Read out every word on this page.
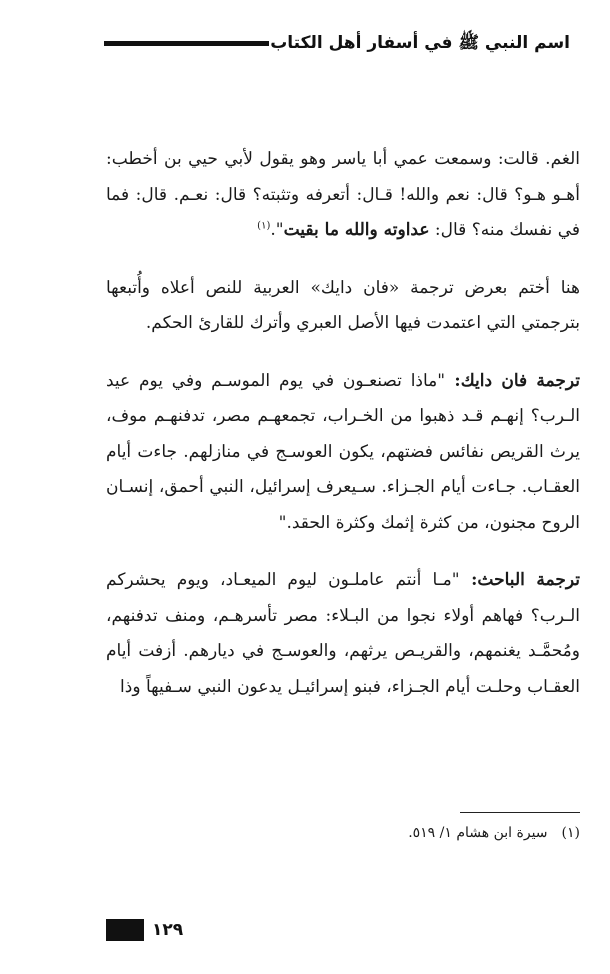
اسم النبي ﷺ في أسفار أهل الكتاب

الغم. قالت: وسمعت عمي أبا ياسر وهو يقول لأبي حيي بن أخطب: أهـو هـو؟ قال: نعم والله! قـال: أتعرفه وتثبته؟ قال: نعـم. قال: فما في نفسك منه؟ قال: عداوته والله ما بقيت".$^{(١)}$

هنا أختم بعرض ترجمة «فان دايك» العربية للنص أعلاه وأُتبعها بترجمتي التي اعتمدت فيها الأصل العبري وأترك للقارئ الحكم.

ترجمة فان دايك: "ماذا تصنعـون في يوم الموسـم وفي يوم عيد الـرب؟ إنهـم قـد ذهبوا من الخـراب، تجمعهـم مصر، تدفنهـم موف، يرث القريص نفائس فضتهم، يكون العوسـج في منازلهم. جاءت أيام العقـاب. جـاءت أيام الجـزاء. سـيعرف إسرائيل، النبي أحمق، إنسـان الروح مجنون، من كثرة إثمك وكثرة الحقد."

ترجمة الباحث: "مـا أنتم عاملـون ليوم الميعـاد، ويوم يحشركم الـرب؟ فهاهم أولاء نجوا من البـلاء: مصر تأسرهـم، ومنف تدفنهم، ومُحمَّـد يغنمهم، والقريـص يرثهم، والعوسـج في ديارهم. أزفت أيام العقـاب وحلـت أيام الجـزاء، فبنو إسرائيـل يدعون النبي سـفيهاً وذا

(١)سيرة ابن هشام ١/ ٥١٩.
١٢٩
